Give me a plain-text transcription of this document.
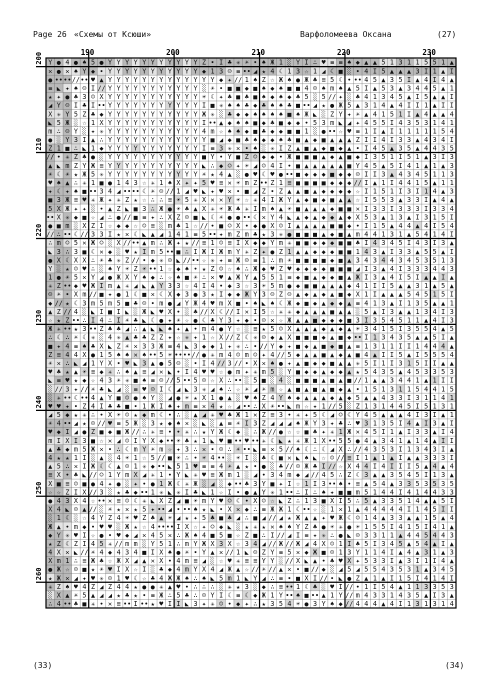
Page 26 «Схемы от Ксюши»	Варфоломеева Оксана	(27)
Y ● 4 ● ♠ 5 ● Y Y Y Y Y Y Y Y Y Y Y Z ∙ I ♣ ✳ ☀ ∙ ♠ Ж 1 ░ Y I ∴ ♥ ≡ ≡ ♠ ◆ ▲ ▲ 5 1 3 1 1 5 5 1 ▲
✕ ● ✕ ♠ Y ◆ ∙ Y Y Y Y Y Y Y Y Y Y Y ◆ 1 3 ☺ ≡ •• ◢ ★ 4 ☾ 1 3 ☆ 1 ◢ ☾ ■ ░ ∙ 4 I 5 ▲ ▲ ▲ 3 I 1 ▲ I
● •• •• ∕∕ •• ♥ ▲ Y Y Y Y Y Y Y Y Y Y Y Y Y ◆ ✦ ∕∕ 1 ♠ Z ☆ Ж ♠ ● Ж ♣ ≡ 5 ☾ ∙ •• 4 5 ▲ 3 5 I ▲ 4 I 4 ▲
≡ ◣ ✦ ♠ ☺ I ∕∕ Y Y Y Y Y Y Y Y Y Y Y ░ ☀ ∙ ■ ■ ◆ ■ ♠ ◆ ♠ ■ ■ 4 ☺ ♠ m ♠ ▲ 5 I ▲ 5 3 ▲ 3 4 4 5 ▲ 1
★ ✦ ● ♣ 3 ☺ Х Y Y Y Y Y Y Y Y Y Y Y ☀ ☾ ✦ ♣ ■ ♣ ■ ♠ ◆ ♠ ◆ ♣ 5 ░ 5 ∕∕ ✦ ░ ♣ 4 1 3 4 5 ▲ I 5 ▲ ▲ I
◢ Y ☺ I ♣ I •• Y Y Y Y Y Y Y Y Y Y Y I ■ ✳ ♠ ♠ ♣ ◆ ♣ ♠ ♠ ♣ ■ •• ◢ ★ ● Ж 5 ▲ 3 1 4 ▲ 4 I I 1 ▲ I I
Х ✳ Y 5 Z ♣ ◆ Y Y Y Y Y Y Y Y Y Y Y Ж ✳ ░ ♣ ◆ ◆ ♠ ♠ ♠ ♠ ■ ♠ Ж ◣ ░ Z Y ✦ ☀ ▲ 4 1 5 1 I ▲ 4 ▲ ▲ 4
◣ 5 Ж ░ ☆ 1 Х Y Y Y Y Y Y Y Y Y Y Y I •• ▲ ◆ ♠ ♠ ■ ◆ ♣ ■ ◆ ◆ ∙ 5 3 m ◣ ◢ ✦ 4 5 5 I 4 3 5 3 1 4 1
m ∴ ☺ Y ░ ✦ ✳ Y Y Y Y Y Y Y Y Y Y Y 4 m ☆ ♠ ♠ ◆ ■ ♣ ◆ ◆ ■ ■ 1 ░ ● •• ☆ ♥ ≡ 1 I ▲ I 1 1 1 1 1 5 4
● ░ Y 3 I ▲ ∴ Y Y Y Y Y Y Y Y Y Y Y Y ■ ◢ ◆ ■ ♣ ♠ ◆ ◆ ♠ ♣ ■ ▲ ◆ ■ ▲ ▲ ▲ Z I I 4 I 3 3 ▲ 4 3 4 I
Z 1 ■ ∴ ◣ 1 ◆ Y Y Y Y Y Y Y Y Y Y Y I ≡ 3 ✳ ✕ ∙ ♠ ░ ✳ I Z ▲ ■ ▲ ◆ ■ ◆ ▲ ∙ I 4 5 ▲ 3 5 ▲ 4 4 3 5
∕∕ ∙ ✳ Z ♣ ● ░ Y Y Y Y Y Y Y Y Y Y Y ■ Y ∙ Y ■ Z ☺ ◆ ◆ ∙ Ж ■ ■ ■ ▲ ◆ ▲ ■ ◆ I 3 5 1 I 5 1 ▲ 3 I 3
▲ ◣ m Z Y Ж ≡ Y Y Y Y Y Y Y Y Y Y Y ◣ ∴ ◆ ☺ ✦ ☀ ◢ ☺ 4 I ∙ ■ ▲ ▲ ▲ ▲ ▲ ■ Y 4 5 ▲ 5 I 4 1 ▲ 1 ▲ 3
☀ ☾ ☀ ★ Ж 5 ✳ Y Y Y Y Y Y Y Y Y Y Y ☀ ★ 4 ▲ ░ ● ♥ ☾ ♥ ● •• ■ ◆ ◆ ◆ ■ ◆ ◆ ☺ I I 3 ▲ 4 3 4 5 1 1 3
♥ ♠ ▲ ∴ ✳ 1 ■ ● 1 4 3 ☆ ✳ 1 ♠ Х ✦ ✦ 5 ♥ ≡ ✕ ☀ m Z •• Z 1 ≡ ■ ■ ■ ■ ◆ ◆ ◆ ∕∕ I ▲ 1 I 4 4 1 5 ▲ 1 1
✦ ☾ ✦ ♠ ■ •• 3 4 ◢ •• •• ☾ ☀ ☺ ∕∕ 1 ◢ ♥ ◣ ✦ ♥ ✕ ∙ ■ ◢ Z ∙ Z ▲ ▲ ■ ▲ ◆ ◆ ◆ ◆ ☆ I 1 5 1 I 3 I 1 4 ▲ 3
■ 3 Ж ≡ ♥ ✳ Ж ✦ ✳ Z ★ ☆ ∴ ∴ ≡ ☀ 5 ✳ Х ✕ ✕ Y ☀ ☆ ✳ 4 I Ж Y ▲ ◆ ■ ◆ ■ ▲ ▲ ☆ I 5 5 3 ▲ 3 3 I ▲ 4 ▲
5 Х Ж ✦ ✦ ░ ∙ ▲ Z ◣ ■ 3 ∴ Ж ● ☀ ♣ ▲ Х ✳ ☀ Ж ♣ ✳ I m ♠ ▲ ☀ ■ ▲ ▲ ▲ ◆ ■ ■ ✕ I 3 3 I 3 3 3 I 3 3 4
•• Х ✳ ◆ ■ ☆ ◢ ∴ ● ∕∕ ■ ≡ ✦ ∴ Х Z ☺ ■ ◣ ☾ ☀ ● ● •• ☾ ✕ Y 4 ◣ ▲ ◆ ▲ ◆ ◆ ▲ ◆ Х 5 3 ▲ 1 3 ▲ I 3 1 5 I
● ■ m ░ Х Z I ☆ ◆ ◆ ☆ ☺ ≡ ░ m ♣ 1 ☆ ∕∕ ∙ ■ ☺ Х ∙ ◆ ● Х ☺ I ▲ ▲ ▲ ▲ ■ ■ ◆ ∙ I 1 5 ▲ 4 4 ▲ 4 I 5 4
∕∕ ∴ •• ☾ ∕∕ 3 3 I ★ ✕ ☾ ◣ ▲ ◢ 1 4 1 ≡ 5 •• ✦ m Z m ♣ ★ 3 ✳ ● ■ ■ ■ ▲ ◆ ■ ▲ m 4 4 1 3 1 ▲ 5 4 1 4 I
∴ m ☺ 5 ✕ Ж ☺ ░ Х ∕∕ •• ▲ m ∴ Ж ✦ ★ ∕∕ ≡ 1 ☺ ≡ I Х ◆ ◆ Y m ✳ ■ ■ ◆ ◆ ◆ ■ ■ ♣ I 4 3 4 5 I 4 3 I 3 ▲
◣ 3 ∴ 3 ■ ☾ ✕ ◆ ░ ♥ ★ I m 5 •• ■ ∴ I Ж I Ж m Y ✳ Z ✦ ● Z 1 ▲ ▲ ◆ ◆ ◆ ■ ■ 1 4 3 ▲ I 3 3 ▲ 5 5 ▲ I
● Х ☾ Х Х ∴ ☀ ♣ ✳ Z ∕∕ ∙ ◆ ✳ ☺ ◣ ∕∕ •• ☆ ✳ ✦ ≡ Ж ☺ ≡ 1 ∴ m ☀ ■ ■ ■ ■ ◆ ■ ▲ 3 4 3 4 4 3 4 5 3 5 1 3
Y ░ ★ ☺ ♥ ∴ ░ ♠ Y ☀ Z ☀ •• 1 ☆ ◆ ♠ ∙ ★ Z ☺ ☆ ♠ ∴ Ж ◆ ♥ Z ♥ ◆ ◆ ◆ ◆ ■ ■ ■ ◢ I 3 ▲ 4 I 3 3 3 4 4 3
1 ● ☀ 5 ✕ Y ◢ ● Ж Х Y ♠ ◆ ∴ ☆ ♠ ■ ☀ ∴ ✕ ♥ ▲ Ж Y ▲ 5 5 1 ≡ ◆ ■ ▲ ◆ ◆ ■ ▲ Ж I 3 ▲ 4 I 5 I ▲ ▲ I ▲
✳ Z •• ◆ ♥ Ж I m ▲ ✳ ◢ ◣ ▲ Y 3 3 ☆ 4 I 4 ∙ ◆ 3 ☆ 3 ☀ 5 m ● ◆ ■ ■ ▲ ▲ ▲ ◆ 4 1 I I 5 ▲ ▲ 3 1 ▲ 5 ▲
☺ ☀ ∙ Х m ∕∕ ■ ✦ ● 1 ☾ ■ ✕ ☾ Х ◆ 3 ● 3 ★ I ◆ ◆ Ж Y 3 ☺ Z ☺ ▲ ◆ ▲ ◆ ▲ ■ ◆ Х 1 I ▲ ▲ ▲ 5 4 5 1 5 I
◆ ∕∕ ★ ☾ 3 m 5 m 5 ■ ♣ ☺ ∙ m ● ◢ Y Ж 4 ♥ m Х ■ ∙ ♠ ◣ ♠ ☾ Ж ◆ ■ ◆ ▲ ◆ ◆ ▲ ≡ 4 1 3 ▲ I 1 3 5 ▲ ▲ 1
▲ Z ∕∕ 4 ░ ◣ I ■ I ◣ ░ Ж ◣ ♥ Х ∙ ░ ♣ ∕∕ Х ☾ ∕∕ I ✕ I 5 ☆ ✳ ✳ ◆ ▲ ▲ ▲ ■ ▲ ▲ ░ 5 ▲ I 3 ▲ ▲ 1 3 4 I 3
☆ ★ Z •• ∴ I 4 ∴ I ☀ ♣ ◣ ☾ ● ✦ ☀ ☆ ● ☾ ♣ Y 3 ✦ ◆ ∙ ☺ ✕ ☆ Ж ▲ ▲ ■ ◆ ◆ ◆ ■ 3 I 3 5 4 5 1 1 ▲ 4 I 3
Ж ✳ •• ★ 3 •• Z ♣ ♣ ◢ ∴ ▲ ◣ ◣ ♠ ✦ ▲ ∙ m 4 ● Y ☆ ░ ≡ ★ 5 ☺ Х ▲ ▲ ▲ ◆ ▲ ◆ ▲ ☀ 3 4 1 5 I 3 5 5 4 ▲ 5
∴ ☾ ∴ ☀ ☾ ✳ ░ 4 ✳ ▲ ♣ ♣ Z Z ✦ ☆ ✳ ✦ 1 ☆ Х ∕∕ Z ☾ ✳ ☺ ◆ ▲ Х ■ ■ ■ ◆ ▲ ■ ◆ •• I 1 3 4 3 5 ▲ ▲ 5 I ▲
■ ✦ 4 ≡ ♠ ♣ Х ◣ Z ☀ ✕ 3 3 Ж ≡ 4 ◣ 3 ◆ ◆ 1 ✦ ✳ ∴ ∙ ∕∕ Y ◆ ✦ ■ ◆ ▲ ■ ◆ ■ ▲ ≡ 1 3 1 1 I I 1 4 4 4 ▲
Z ≡ 4 4 Х ● 1 5 ♠ ♠ ✕ ♠ •• 5 ☀ •• •• ∕∕ ● ✳ m 4 ☺ m ☺ ✦ 4 ∕∕ 5 ◆ ▲ ▲ ■ ▲ ◆ ▲ ■ 4 ▲ I I 5 ▲ I 5 5 5 4
☀ ✕ ∴ ◣ ◢ 1 Y Х ∙ ♥ ◣ 3 ▲ ● 5 ☺ ░ ∙ I 4 ∕∕ 3 ∕∕ ∙ Х ✕ ♠ ● ✦ ▲ ■ ◆ ◆ ■ ▲ ▲ ✳ 5 I 1 I 3 1 5 I I ▲ ▲
♥ ♣ ★ ▲ ☀ ≡ ◆ ✳ ∴ ♠ ▲ ≡ ◢ ✕ ◣ ∙ I 4 ♥ ♥ ☆ ● m ✦ ✳ m 5 ░ Y ■ ◆ ◆ ▲ ◆ ◆ ▲ ★ 5 4 3 5 ▲ 4 5 3 3 5 3
◣ ≡ ♥ ★ ◆ ☆ 4 3 ☀ ✳ ■ ♠ ≡ ☺ ∕∕ 5 •• 5 ☺ ☆ Х ∴ •• ░ 5 ■ ░ 4 ░ ■ ■ ■ ▲ ■ ▲ ■ ∕∕ 1 ▲ ▲ 3 4 4 1 ▲ 1 I I
░ ∕∕ 3 ✦ ∕∕ ☀ ♣ ◣ ◢ ░ ≡ ♥ ☺ I ☾ ◢ ◣ 3 ✳ ◢ ♠ ∴ ☆ ☀ ◢ ☀ m ☆ ▲ ■ ▲ ■ ▲ ■ ◆ ▲ ∙ 1 5 1 3 1 1 5 4 4 1 5
░ ✳ •• ☾ •• 4 ▲ Y ■ ☺ ● ♠ Y ░ ◢ ● ☀ ★ Х 1 ● ▲ ░ ♥ ♠ Z 4 Y ♠ ◆ ▲ ▲ ▲ ◆ ▲ ◆ 5 ▲ ▲ 4 3 3 I 3 1 1 4 1
♥ ♥ ✦ ∙ Z 4 I ♣ ♣ ■ ∙ 1 Ж I ♠ ✦ m ≡ ✕ 4 ★ ☆ ◢ •• ∴ Х ☀ •• ◣ m ☆ ✦ 1 ∕∕ 5 ░ Z 1 3 1 4 4 5 I 5 1 3 1
◢ 5 ◆ ★ ✳ ∴ ∙ Х ☀ ☺ ★ ◆ m ☾ ∙ ∴ ░ ▲ ◢ ✳ ♥ ♣ Ж 1 ✕ Z ≡ 3 ∙ ✳ ✦ 5 ☾ ◢ ☺ ☾ Y 4 5 ▲ ▲ ▲ 4 I 3 I ▲ 1
☀ 4 •• ◢ ★ ☺ ∕∕ ♥ ≡ 5 Ж ░ 3 ★ ◆ ♠ ✕ ░ ◣ ░ ▲ ≡ ☀ I 3 Z ◢ ◢ ◢ ♠ Ж Y 3 ✦ ♣ ∴ ♥ 3 1 3 5 I 4 ▲ I 3 ▲ I
♥ ◆ I ◢ ● Z ■ ◆ ■ Ж ∕∕ ∴ ✳ ≡ ∙ ∙ ✳ ∴ ★ Y Ж ☾ ◆ ░ ∴ Ж ∕∕ ● ☆ ☆ ■ ♣ ✦ ✳ 1 Ж ✕ 4 5 I 1 ▲ I 3 3 ▲ I 4
m I Х I 3 ■ ☆ ✕ ◢ ☺ I Y Х ◆ •• ☀ ♣ ★ 1 ◣ ♥ ■ •• ♥ •• ✳ ☾ ◣ ★ ✳ Ж 1 Х •• 5 5 ● 4 ▲ 3 4 1 ▲ 1 4 ▲ I I
▲ ♣ ◆ m 5 Ж ✕ ∙ ∴ ☾ m Y ☀ m ☆ ✦ 3 ∴ ✕ ∙ ☺ ∴ ☀ •• ◣ ≡ ✕ 5 ∕∕ ♠ ☾ ∴ ☾ ◢ Х ∴ ∕∕ 4 3 5 3 I 1 3 4 3 I ▲
4 ★ ★ 1 I ░ ▲ ░ 4 ☀ 1 ☆ 5 ∕∕ ■ ☀ ∴ ∙ ☀ 4 •• ░ ☀ I ░ ♣ ☾ ■ ✕ ◣ ♠ ◣ ☆ ☺ ∕∕ ≡ I 1 ▲ 1 ▲ I ▲ ▲ 3 3 3 I
▲ 5 ∴ ✕ I Ж ☾ ☾ ▲ ☺ 1 ✳ ◆ •• ◣ 5 1 ♥ ≡ ≡ 4 ☀ ▲ ★ ∙ ● ░ ♣ ∕∕ ☺ Ж ♣ I ∕∕ ☆ Х 4 4 I 4 I I I 5 ▲ 4 ▲ 4
≡ Х ∙ ♣ ◣ ∕∕ ☺ 1 Y m Х ◢ ✳ 1 ∙ Y ◣ ✳ ♥ ≡ Ж m 1 ░ ◢ ∙ 3 4 m ◆ ◢ ∕∕ 4 5 ∴ Z ☾ 3 ▲ ▲ 3 5 4 5 I 1 3 ▲
Х ■ ≡ ☺ ■ ● 4 ✦ ● ░ ✦ ∙ ● 1 Ж ☾ ✳ Ж ░ ◢ ░ ◆ •• ♣ 3 Y ■ ✦ I ☆ 1 I 3 •• ♠ ∙ ≡ ▲ 5 4 ▲ 3 3 5 3 5 3 5
☆ ☆ Z I Х ∕∕ 3 ░ ★ ♣ ◆ •• 1 ✳ ◣ ✳ I ♣ ◣ 1 ☆ I ∙ ● ▲ Y ✳ 1 •• ∴ I ∴ ♠ ✦ ■ ■ m 5 1 4 4 I 4 1 4 4 3 3
● 4 3 Х 4 ☆ •• ✕ ≡ ☺ ☾ ✳ ◣ Х Z ◢ ■ ☀ m Y ♥ ☺ ☾ ∙ Х ☺ ☆ ◣ Z ∴ 1 3 ■ Х I 5 ∴ 5 ▲ 3 3 5 1 4 ▲ ▲ 5 I
Х 4 ◣ ☺ ▲ ∕∕ ░ ☀ ★ ✕ ★ 5 ✦ •• ◢ ∙ •• ♠ ★ ◣ ∙ Х ✕ ◆ ∴ ≡ Ж Ж 1 ☾ •• ☆ ░ 1 ✕ 1 ▲ 4 4 4 4 4 I 1 4 5 I I
░ 1 ☾ ░ ☆ 4 Y Z 4 ☀ ♥ Z ♣ ▲ ☀ ◢ ★ ✦ 5 ♣ ■ ♣ ◢ ∴ ■ ◢ ∕∕ ◢ ★ Ж ▲ ▲ ✦ ♥ Ж ☾ ☺ 1 4 ▲ 3 3 ▲ ▲ 1 5 ▲ 4
Ж ▲ ∙ m ◆ ∙ ♥ ♥ ░ Ж ★ ☆ 4 •• •• I Х ☆ ✦ ☺ ◆ ◣ ░ ★ ✳ ★ ✕ ♠ ♠ Y Z ♣ ● ☀ ✳ ● ☀ 1 5 5 I 4 1 5 I 4 1 ▲
◆ Y ✳ ♥ I ☆ ● ∙ ♥ ◆ ◢ ✕ 4 5 ✕ ∴ Ж ♠ 4 ■ 5 ■ ☆ Z ■ ∴ I ∕∕ ◢ I ≡ ✦ ✳ ∴ ● ◣ ☺ 3 3 1 1 ▲ 4 4 5 4 4 3
★ Z ☾ Z I 4 5 ✳ ∕∕ m m ░ Y 5 1 ∴ m Y Ж Х 3 Х ☆ 3 4 ◢ ∕∕ Ж ∕∕ Ж ◢ 4 Х ☺ 1 I ♣ 5 I 3 4 5 ▲ 5 4 ▲ I ▲
4 Х ✕ ◣ ∕∕ ☀ 4 ◆ 4 3 4 ■ I Х ♠ ● ☀ ∙ Y ▲ ✕ ∕∕ 1 ◣ ☺ Z Y ≡ 5 ✕ ◆ Ж ■ ☺ 1 3 Y 1 1 4 I ▲ 4 ▲ 3 1 ▲ 3
Х m 1 ∴ ≡ Ж ♣ ☆ Ж Х ◢ ▲ ✕ Х ∙ 4 m ≡ ◢ ░ ☆ ♥ ✳ ≡ ≡ Y Y ░ ∕∕ Х ◣ ▲ ∙ ♣ ♥ Х ✦ 5 3 3 I ▲ 3 I 1 I 4 ▲
● Ж ☆ ☺ ■ ★ ☀ ♥ I Х ☆ I ░ ♣ ◆ 4 m Y Х 4 ◢ Ж ▲ ☆ ∕∕ ☀ ∕∕ ▲ ✕ ∙ ■ ∕∕ ◆ ░ ◢ 5 ◢ 5 5 4 3 5 3 1 ▲ 3 4 5
★ Ж ✕ ◢ ✦ ♥ ✳ ☺ 1 ♥ ☾ ☆ ♣ 4 Ж Ж ♠ ∴ ♠ ◣ 5 m 1 ◣ Y ◢ ∴ ≡ ∙ ■ Х I ∕∕ ∙ ◣ ● Z ▲ 1 ▲ I 1 5 I 4 1 4 I
✳ Z ♠ ♥ 4 Z ◢ Z 4 4 ★ ● ● ✳ ▲ ♥ ∙ ∴ ∴ ∴ ░ ✳ ★ 3 ░ ◆ ∴ ≡ •• 1 ☾ ♣ ░ ♥ I ∕∕ ∙ 1 I 5 4 ▲ 1 1 3 3 5 3
░ Х ▲ ☀ 5 ▲ ◢ ◢ ★ ♣ ★ ∙ ≡ Ж ∴ 5 ♣ ∴ ☺ Y I ☾ ≡ ☾ ◆ Ж 1 Y •• ♠ ■ •• ▲ 1 Y ∕∕ m 4 3 3 1 4 3 5 ▲ I 3 ▲
∴ 4 •• ♣ ■ ✳ ∙ ✕ ≡ •• I •• ★ ♥ I I ◣ 3 ✦ ✳ ☺ ∙ ◆ ✦ ∴ ★ 3 5 4 ☀ ● 3 Y ♠ ◆ ∕∕ 4 4 4 ▲ 4 I 1 3 1 3 1 4
190	200	210	220	230
200
210
220
230
240
250
260
(33)	(34)
